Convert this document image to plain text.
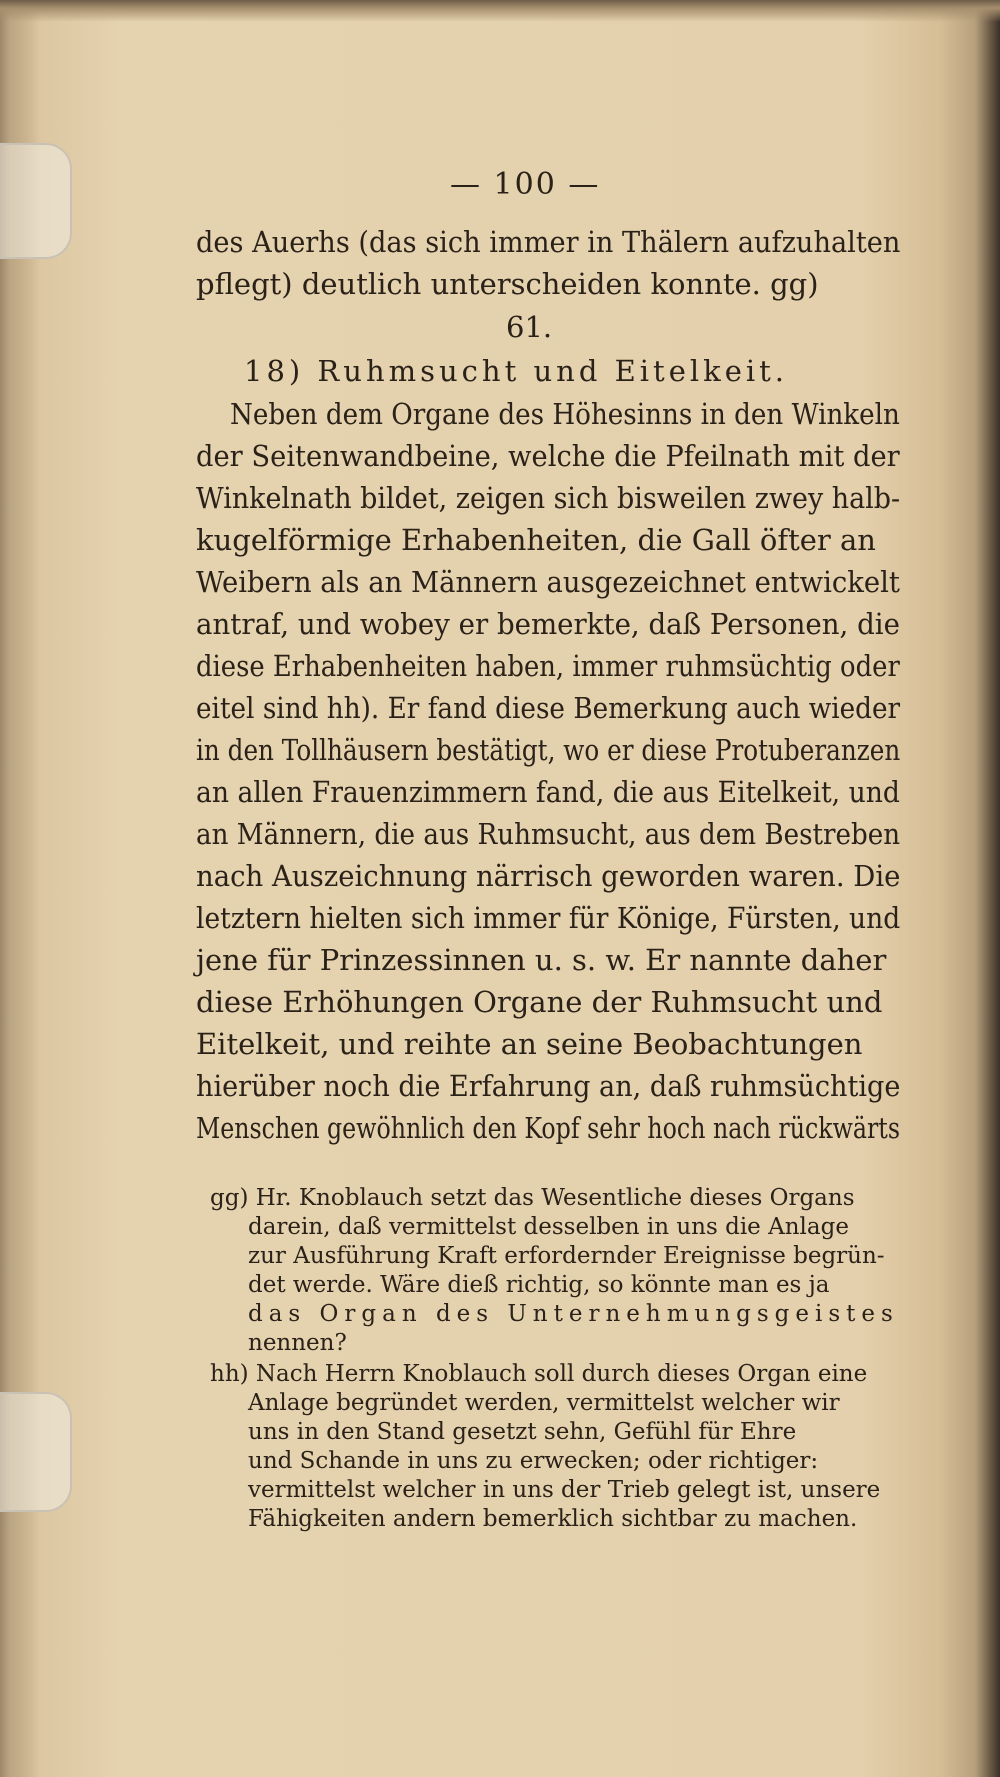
— 100 —
des Auerhs (das sich immer in Thälern aufzuhalten
pflegt) deutlich unterscheiden konnte. gg)
61.
18) Ruhmsucht und Eitelkeit.
Neben dem Organe des Höhesinns in den Winkeln
der Seitenwandbeine, welche die Pfeilnath mit der
Winkelnath bildet, zeigen sich bisweilen zwey halb-
kugelförmige Erhabenheiten, die Gall öfter an
Weibern als an Männern ausgezeichnet entwickelt
antraf, und wobey er bemerkte, daß Personen, die
diese Erhabenheiten haben, immer ruhmsüchtig oder
eitel sind hh). Er fand diese Bemerkung auch wieder
in den Tollhäusern bestätigt, wo er diese Protuberanzen
an allen Frauenzimmern fand, die aus Eitelkeit, und
an Männern, die aus Ruhmsucht, aus dem Bestreben
nach Auszeichnung närrisch geworden waren. Die
letztern hielten sich immer für Könige, Fürsten, und
jene für Prinzessinnen u. s. w. Er nannte daher
diese Erhöhungen Organe der Ruhmsucht und
Eitelkeit, und reihte an seine Beobachtungen
hierüber noch die Erfahrung an, daß ruhmsüchtige
Menschen gewöhnlich den Kopf sehr hoch nach rückwärts
gg) Hr. Knoblauch setzt das Wesentliche dieses Organs
darein, daß vermittelst desselben in uns die Anlage
zur Ausführung Kraft erfordernder Ereignisse begrün-
det werde. Wäre dieß richtig, so könnte man es ja
das Organ des Unternehmungsgeistes
nennen?
hh) Nach Herrn Knoblauch soll durch dieses Organ eine
Anlage begründet werden, vermittelst welcher wir
uns in den Stand gesetzt sehn, Gefühl für Ehre
und Schande in uns zu erwecken; oder richtiger:
vermittelst welcher in uns der Trieb gelegt ist, unsere
Fähigkeiten andern bemerklich sichtbar zu machen.
